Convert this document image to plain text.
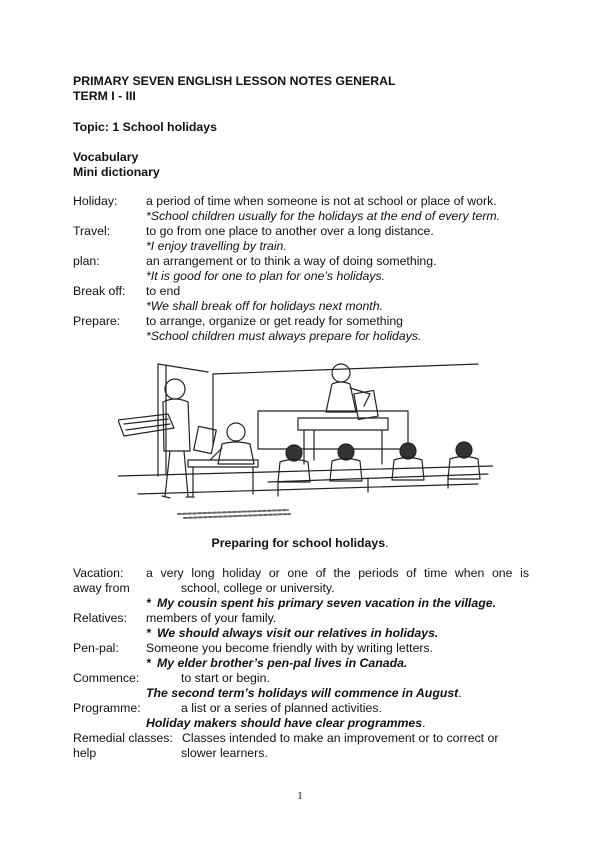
PRIMARY SEVEN ENGLISH LESSON NOTES GENERAL
TERM I - III
Topic: 1 School holidays
Vocabulary
Mini dictionary
Holiday: a period of time when someone is not at school or place of work.
*School children usually for the holidays at the end of every term.
Travel:	to go from one place to another over a long distance.
*I enjoy travelling by train.
plan:	an arrangement or to think a way of doing something.
*It is good for one to plan for one’s holidays.
Break off: to end
*We shall break off for holidays next month.
Prepare: to arrange, organize or get ready for something
*School children must always prepare for holidays.
Preparing for school holidays.
Vacation: a very long holiday or one of the periods of time when one is
away from	school, college or university.
* My cousin spent his primary seven vacation in the village.
Relatives: members of your family.
* We should always visit our relatives in holidays.
Pen-pal: Someone you become friendly with by writing letters.
* My elder brother’s pen-pal lives in Canada.
Commence:	to start or begin.
The second term’s holidays will commence in August.
Programme:	a list or a series of planned activities.
Holiday makers should have clear programmes.
Remedial classes: Classes intended to make an improvement or to correct or
help	slower learners.
1
